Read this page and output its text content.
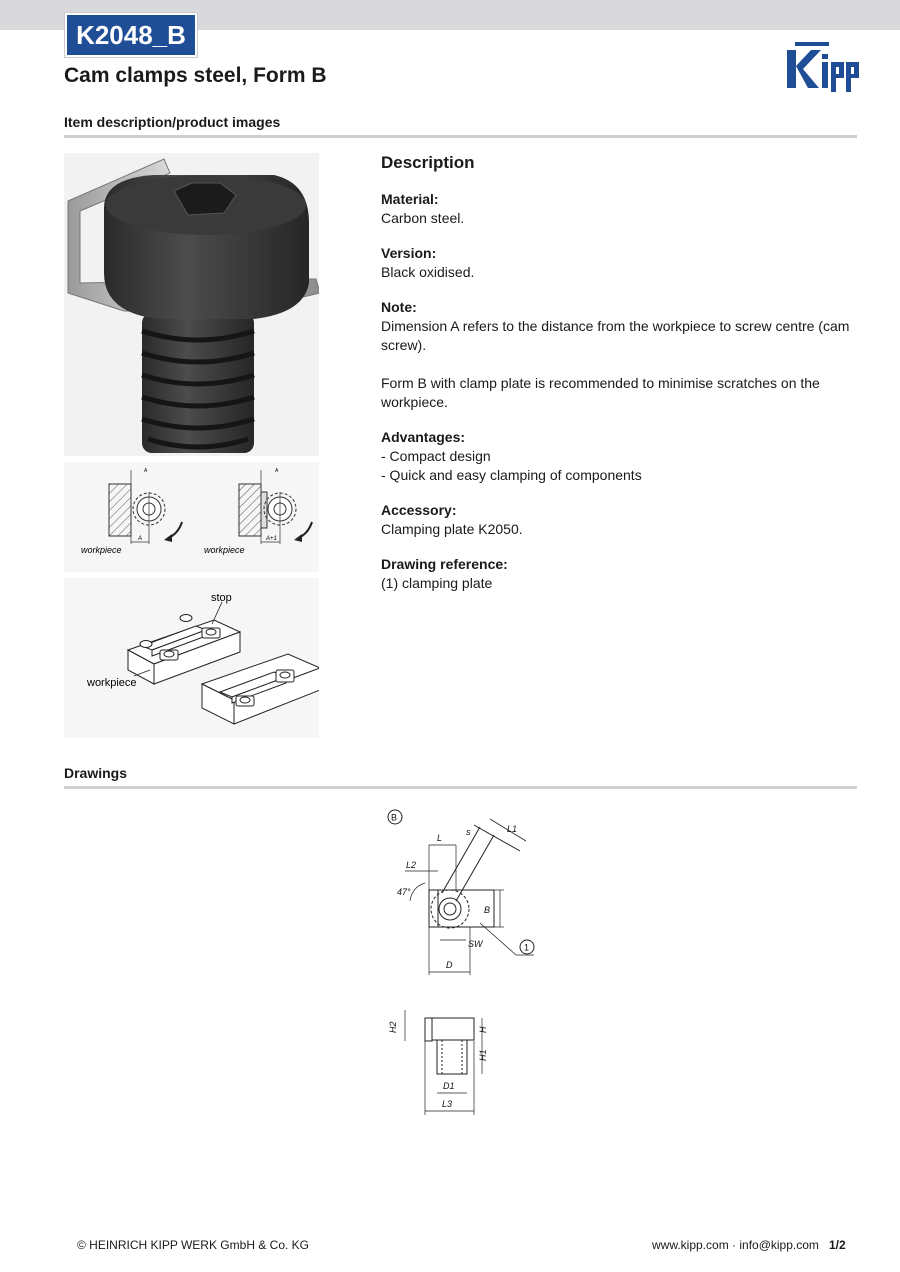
K2048_B
Cam clamps steel, Form B
Item description/product images
A
A
workpiece
A+1
A
workpiece
stop
workpiece
Description

Material:

Carbon steel.

Version:

Black oxidised.

Note:

Dimension A refers to the distance from the workpiece to screw centre (cam screw).

Form B with clamp plate is recommended to minimise scratches on the workpiece.

Advantages:

- Compact design

- Quick and easy clamping of components

Accessory:

Clamping plate K2050.

Drawing reference:

(1) clamping plate

Drawings
B
L
s	L1
L2
47°
B
SW
D
1
H2	H
H1
D1
L3
© HEINRICH KIPP WERK GmbH & Co. KG	www.kipp.com · info@kipp.com 1/2
